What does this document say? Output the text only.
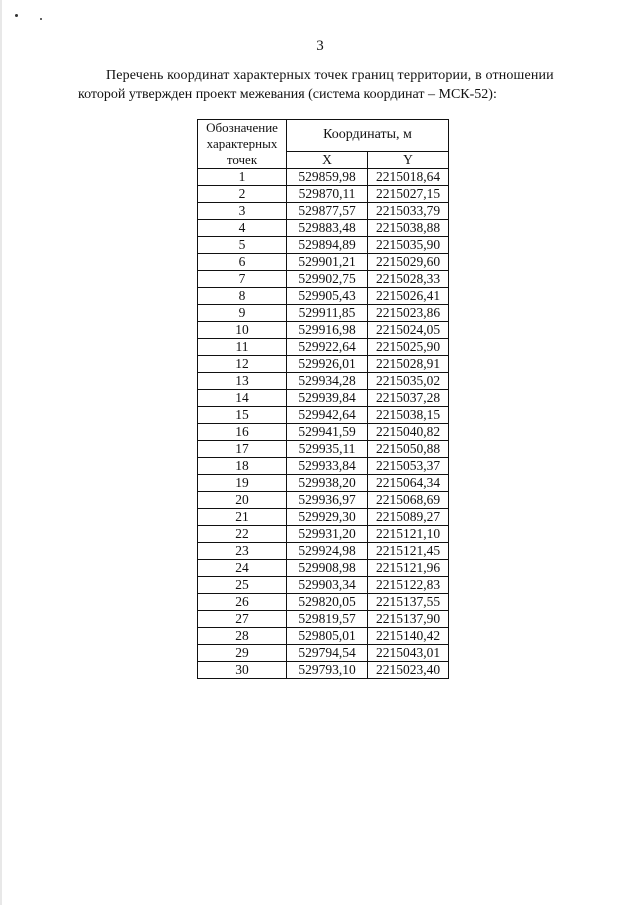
3
Перечень координат характерных точек границ территории, в отношении
которой утвержден проект межевания (система координат – МСК-52):
Обозначение характерных точек	Координаты, м	
	X	Y
1	529859,98	2215018,64
2	529870,11	2215027,15
3	529877,57	2215033,79
4	529883,48	2215038,88
5	529894,89	2215035,90
6	529901,21	2215029,60
7	529902,75	2215028,33
8	529905,43	2215026,41
9	529911,85	2215023,86
10	529916,98	2215024,05
11	529922,64	2215025,90
12	529926,01	2215028,91
13	529934,28	2215035,02
14	529939,84	2215037,28
15	529942,64	2215038,15
16	529941,59	2215040,82
17	529935,11	2215050,88
18	529933,84	2215053,37
19	529938,20	2215064,34
20	529936,97	2215068,69
21	529929,30	2215089,27
22	529931,20	2215121,10
23	529924,98	2215121,45
24	529908,98	2215121,96
25	529903,34	2215122,83
26	529820,05	2215137,55
27	529819,57	2215137,90
28	529805,01	2215140,42
29	529794,54	2215043,01
30	529793,10	2215023,40
